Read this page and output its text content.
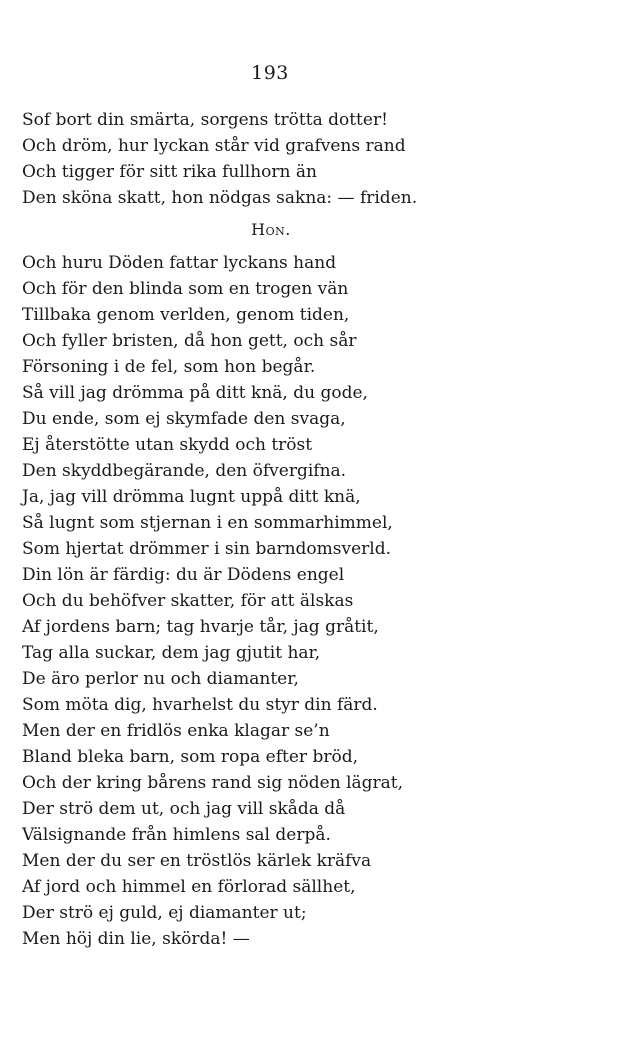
193
Sof bort din smärta, sorgens trötta dotter!
Och dröm, hur lyckan står vid grafvens rand
Och tigger för sitt rika fullhorn än
Den sköna skatt, hon nödgas sakna: — friden.
Hon.
Och huru Döden fattar lyckans hand
Och för den blinda som en trogen vän
Tillbaka genom verlden, genom tiden,
Och fyller bristen, då hon gett, och sår
Försoning i de fel, som hon begår.
Så vill jag drömma på ditt knä, du gode,
Du ende, som ej skymfade den svaga,
Ej återstötte utan skydd och tröst
Den skyddbegärande, den öfvergifna.
Ja, jag vill drömma lugnt uppå ditt knä,
Så lugnt som stjernan i en sommarhimmel,
Som hjertat drömmer i sin barndomsverld.
Din lön är färdig: du är Dödens engel
Och du behöfver skatter, för att älskas
Af jordens barn; tag hvarje tår, jag gråtit,
Tag alla suckar, dem jag gjutit har,
De äro perlor nu och diamanter,
Som möta dig, hvarhelst du styr din färd.
Men der en fridlös enka klagar se’n
Bland bleka barn, som ropa efter bröd,
Och der kring bårens rand sig nöden lägrat,
Der strö dem ut, och jag vill skåda då
Välsignande från himlens sal derpå.
Men der du ser en tröstlös kärlek kräfva
Af jord och himmel en förlorad sällhet,
Der strö ej guld, ej diamanter ut;
Men höj din lie, skörda! —
